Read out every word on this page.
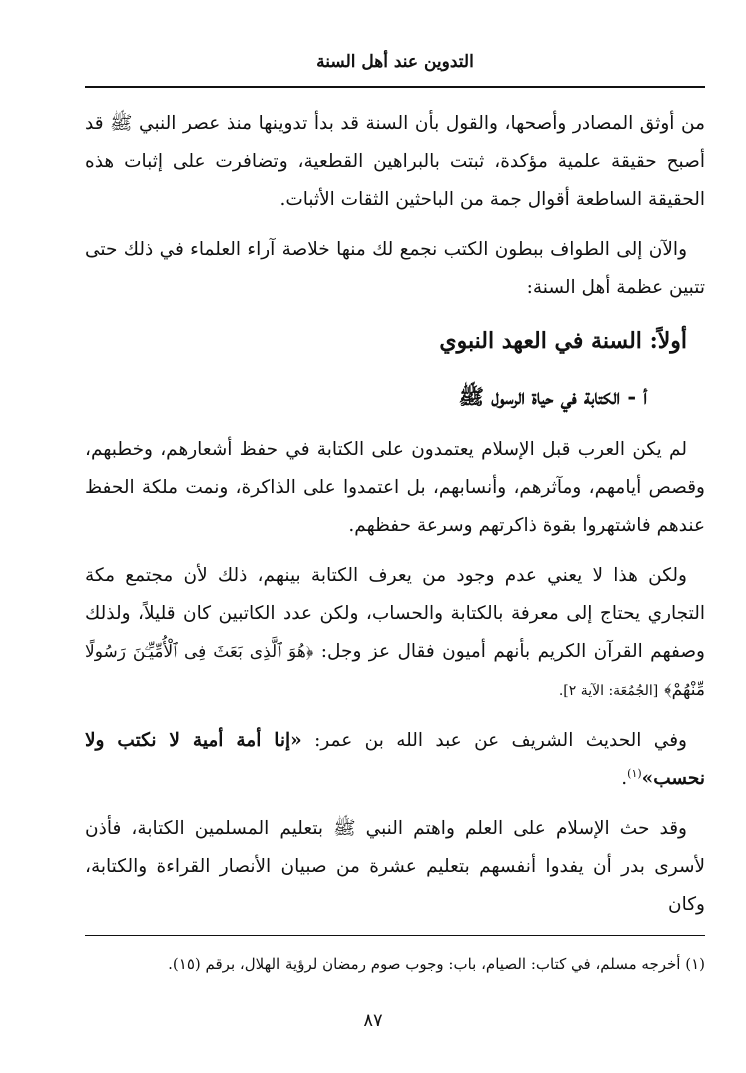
التدوين عند أهل السنة

من أوثق المصادر وأصحها، والقول بأن السنة قد بدأ تدوينها منذ عصر النبي ﷺ قد أصبح حقيقة علمية مؤكدة، ثبتت بالبراهين القطعية، وتضافرت على إثبات هذه الحقيقة الساطعة أقوال جمة من الباحثين الثقات الأثبات.

والآن إلى الطواف ببطون الكتب نجمع لك منها خلاصة آراء العلماء في ذلك حتى تتبين عظمة أهل السنة:

أولاً: السنة في العهد النبوي

أ - الكتابة في حياة الرسول ﷺ

لم يكن العرب قبل الإسلام يعتمدون على الكتابة في حفظ أشعارهم، وخطبهم، وقصص أيامهم، ومآثرهم، وأنسابهم، بل اعتمدوا على الذاكرة، ونمت ملكة الحفظ عندهم فاشتهروا بقوة ذاكرتهم وسرعة حفظهم.

ولكن هذا لا يعني عدم وجود من يعرف الكتابة بينهم، ذلك لأن مجتمع مكة التجاري يحتاج إلى معرفة بالكتابة والحساب، ولكن عدد الكاتبين كان قليلاً، ولذلك وصفهم القرآن الكريم بأنهم أميون فقال عز وجل: ﴿هُوَ ٱلَّذِى بَعَثَ فِى ٱلْأُمِّيِّـۧنَ رَسُولًا مِّنْهُمْ﴾ [الجُمُعَة: الآية ٢].

وفي الحديث الشريف عن عبد الله بن عمر: «إنا أمة أمية لا نكتب ولا نحسب»$^{(١)}$.

وقد حث الإسلام على العلم واهتم النبي ﷺ بتعليم المسلمين الكتابة، فأذن لأسرى بدر أن يفدوا أنفسهم بتعليم عشرة من صبيان الأنصار القراءة والكتابة، وكان

(١) أخرجه مسلم، في كتاب: الصيام، باب: وجوب صوم رمضان لرؤية الهلال، برقم (١٥).
٨٧
